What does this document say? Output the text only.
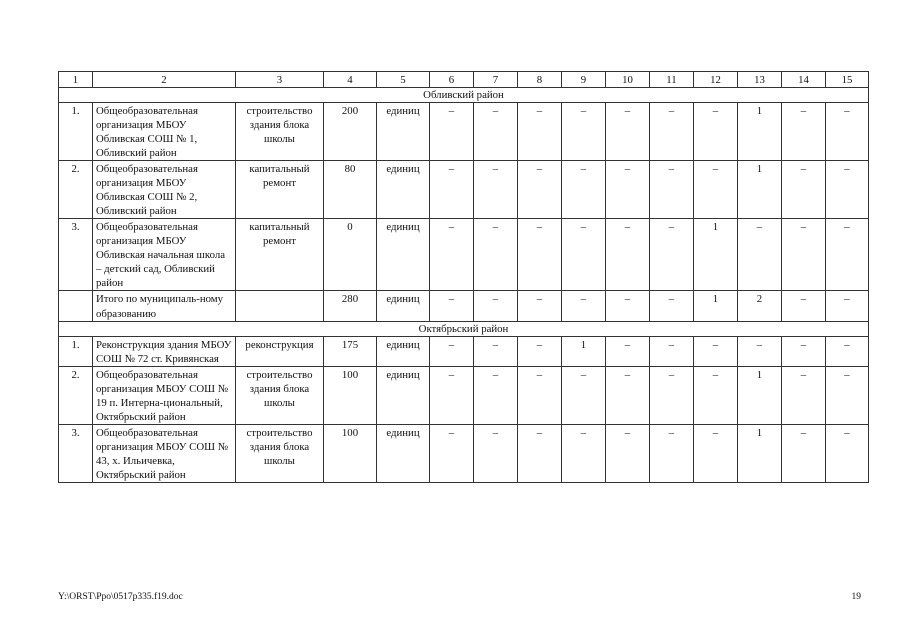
1	2	3	4	5	6	7	8	9	10	11	12	13	14	15
Обливский район														
1.	Общеобразовательная организация МБОУ Обливская СОШ № 1, Обливский район	строительство здания блока школы	200	единиц	–	–	–	–	–	–	–	1	–	–
2.	Общеобразовательная организация МБОУ Обливская СОШ № 2, Обливский район	капитальный ремонт	80	единиц	–	–	–	–	–	–	–	1	–	–
3.	Общеобразовательная организация МБОУ Обливская начальная школа – детский сад, Обливский район	капитальный ремонт	0	единиц	–	–	–	–	–	–	1	–	–	–
	Итого по муниципаль-ному образованию		280	единиц	–	–	–	–	–	–	1	2	–	–
Октябрьский район														
1.	Реконструкция здания МБОУ СОШ № 72 ст. Кривянская	реконструкция	175	единиц	–	–	–	1	–	–	–	–	–	–
2.	Общеобразовательная организация МБОУ СОШ № 19 п. Интерна-циональный, Октябрьский район	строительство здания блока школы	100	единиц	–	–	–	–	–	–	–	1	–	–
3.	Общеобразовательная организация МБОУ СОШ № 43, х. Ильичевка, Октябрьский район	строительство здания блока школы	100	единиц	–	–	–	–	–	–	–	1	–	–
Y:\ORST\Ppo\0517p335.f19.doc	19
